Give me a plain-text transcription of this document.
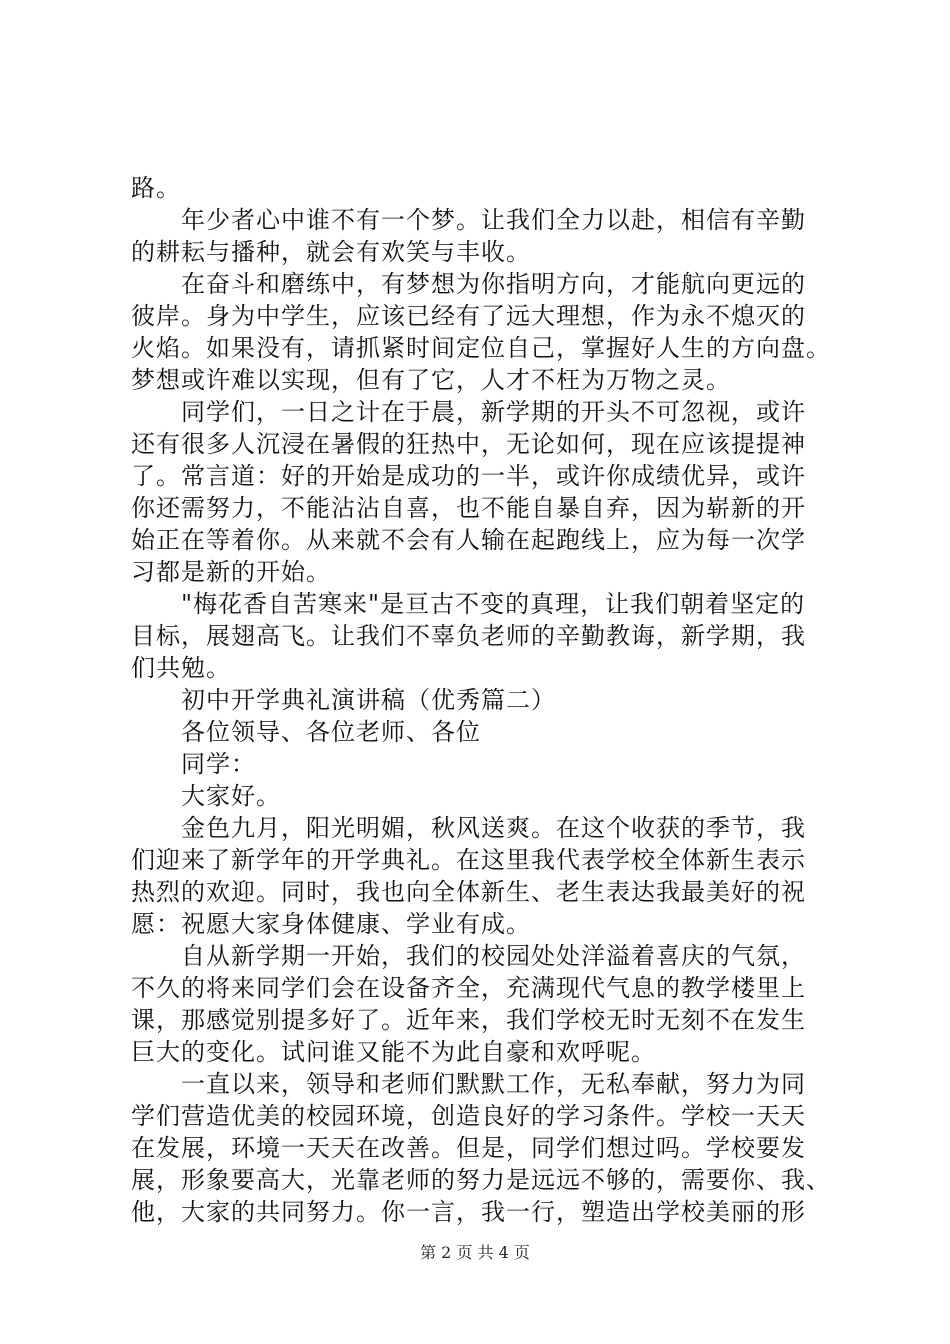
路。
　　年少者心中谁不有一个梦。让我们全力以赴，相信有辛勤
的耕耘与播种，就会有欢笑与丰收。
　　在奋斗和磨练中，有梦想为你指明方向，才能航向更远的
彼岸。身为中学生，应该已经有了远大理想，作为永不熄灭的
火焰。如果没有，请抓紧时间定位自己，掌握好人生的方向盘。
梦想或许难以实现，但有了它，人才不枉为万物之灵。
　　同学们，一日之计在于晨，新学期的开头不可忽视，或许
还有很多人沉浸在暑假的狂热中，无论如何，现在应该提提神
了。常言道：好的开始是成功的一半，或许你成绩优异，或许
你还需努力，不能沾沾自喜，也不能自暴自弃，因为崭新的开
始正在等着你。从来就不会有人输在起跑线上，应为每一次学
习都是新的开始。
　　"梅花香自苦寒来"是亘古不变的真理，让我们朝着坚定的
目标，展翅高飞。让我们不辜负老师的辛勤教诲，新学期，我
们共勉。
　　初中开学典礼演讲稿（优秀篇二）
　　各位领导、各位老师、各位
　　同学：
　　大家好。
　　金色九月，阳光明媚，秋风送爽。在这个收获的季节，我
们迎来了新学年的开学典礼。在这里我代表学校全体新生表示
热烈的欢迎。同时，我也向全体新生、老生表达我最美好的祝
愿：祝愿大家身体健康、学业有成。
　　自从新学期一开始，我们的校园处处洋溢着喜庆的气氛，
不久的将来同学们会在设备齐全，充满现代气息的教学楼里上
课，那感觉别提多好了。近年来，我们学校无时无刻不在发生
巨大的变化。试问谁又能不为此自豪和欢呼呢。
　　一直以来，领导和老师们默默工作，无私奉献，努力为同
学们营造优美的校园环境，创造良好的学习条件。学校一天天
在发展，环境一天天在改善。但是，同学们想过吗。学校要发
展，形象要高大，光靠老师的努力是远远不够的，需要你、我、
他，大家的共同努力。你一言，我一行，塑造出学校美丽的形
第 2 页 共 4 页
